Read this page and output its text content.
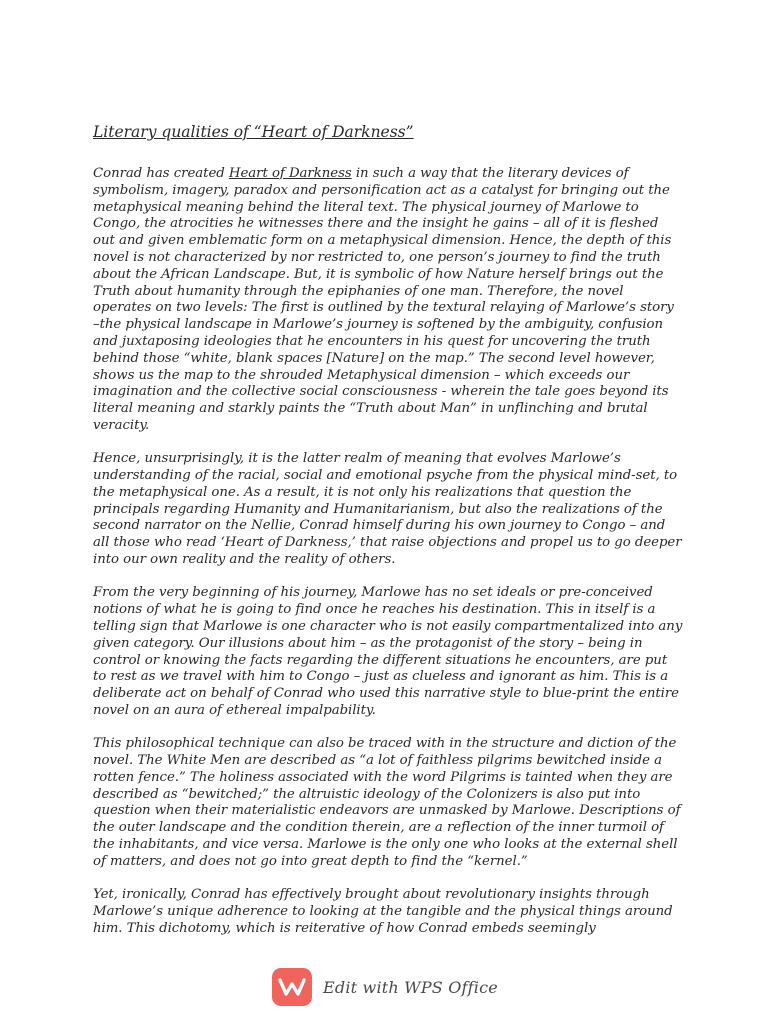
Literary qualities of “Heart of Darkness”

Conrad has created Heart of Darkness in such a way that the literary devices of symbolism, imagery, paradox and personification act as a catalyst for bringing out the metaphysical meaning behind the literal text. The physical journey of Marlowe to Congo, the atrocities he witnesses there and the insight he gains – all of it is fleshed out and given emblematic form on a metaphysical dimension. Hence, the depth of this novel is not characterized by nor restricted to, one person’s journey to find the truth about the African Landscape. But, it is symbolic of how Nature herself brings out the Truth about humanity through the epiphanies of one man. Therefore, the novel operates on two levels: The first is outlined by the textural relaying of Marlowe’s story –the physical landscape in Marlowe’s journey is softened by the ambiguity, confusion and juxtaposing ideologies that he encounters in his quest for uncovering the truth behind those “white, blank spaces [Nature] on the map.” The second level however, shows us the map to the shrouded Metaphysical dimension – which exceeds our imagination and the collective social consciousness - wherein the tale goes beyond its literal meaning and starkly paints the “Truth about Man” in unflinching and brutal veracity.

Hence, unsurprisingly, it is the latter realm of meaning that evolves Marlowe’s understanding of the racial, social and emotional psyche from the physical mind-set, to the metaphysical one. As a result, it is not only his realizations that question the principals regarding Humanity and Humanitarianism, but also the realizations of the second narrator on the Nellie, Conrad himself during his own journey to Congo – and all those who read ‘Heart of Darkness,’ that raise objections and propel us to go deeper into our own reality and the reality of others.

From the very beginning of his journey, Marlowe has no set ideals or pre-conceived notions of what he is going to find once he reaches his destination. This in itself is a telling sign that Marlowe is one character who is not easily compartmentalized into any given category. Our illusions about him – as the protagonist of the story – being in control or knowing the facts regarding the different situations he encounters, are put to rest as we travel with him to Congo – just as clueless and ignorant as him. This is a deliberate act on behalf of Conrad who used this narrative style to blue-print the entire novel on an aura of ethereal impalpability.

This philosophical technique can also be traced with in the structure and diction of the novel. The White Men are described as “a lot of faithless pilgrims bewitched inside a rotten fence.” The holiness associated with the word Pilgrims is tainted when they are described as “bewitched;” the altruistic ideology of the Colonizers is also put into question when their materialistic endeavors are unmasked by Marlowe. Descriptions of the outer landscape and the condition therein, are a reflection of the inner turmoil of the inhabitants, and vice versa. Marlowe is the only one who looks at the external shell of matters, and does not go into great depth to find the “kernel.”

Yet, ironically, Conrad has effectively brought about revolutionary insights through Marlowe’s unique adherence to looking at the tangible and the physical things around him. This dichotomy, which is reiterative of how Conrad embeds seemingly

Edit with WPS Office
